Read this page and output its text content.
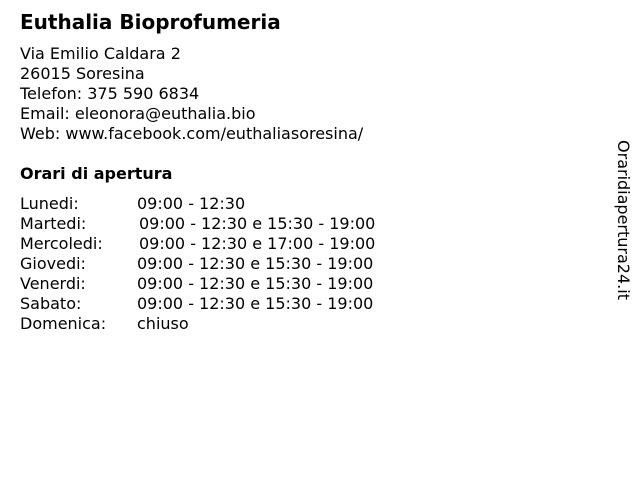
Euthalia Bioprofumeria
Via Emilio Caldara 2
26015 Soresina
Telefon: 375 590 6834
Email: eleonora@euthalia.bio
Web: www.facebook.com/euthaliasoresina/
Orari di apertura
Lunedi:	09:00 - 12:30
Martedi:	09:00 - 12:30 e 15:30 - 19:00
Mercoledi: 09:00 - 12:30 e 17:00 - 19:00
Giovedi:	09:00 - 12:30 e 15:30 - 19:00
Venerdi:	09:00 - 12:30 e 15:30 - 19:00
Sabato:	09:00 - 12:30 e 15:30 - 19:00
Domenica: chiuso
Oraridiapertura24.it
